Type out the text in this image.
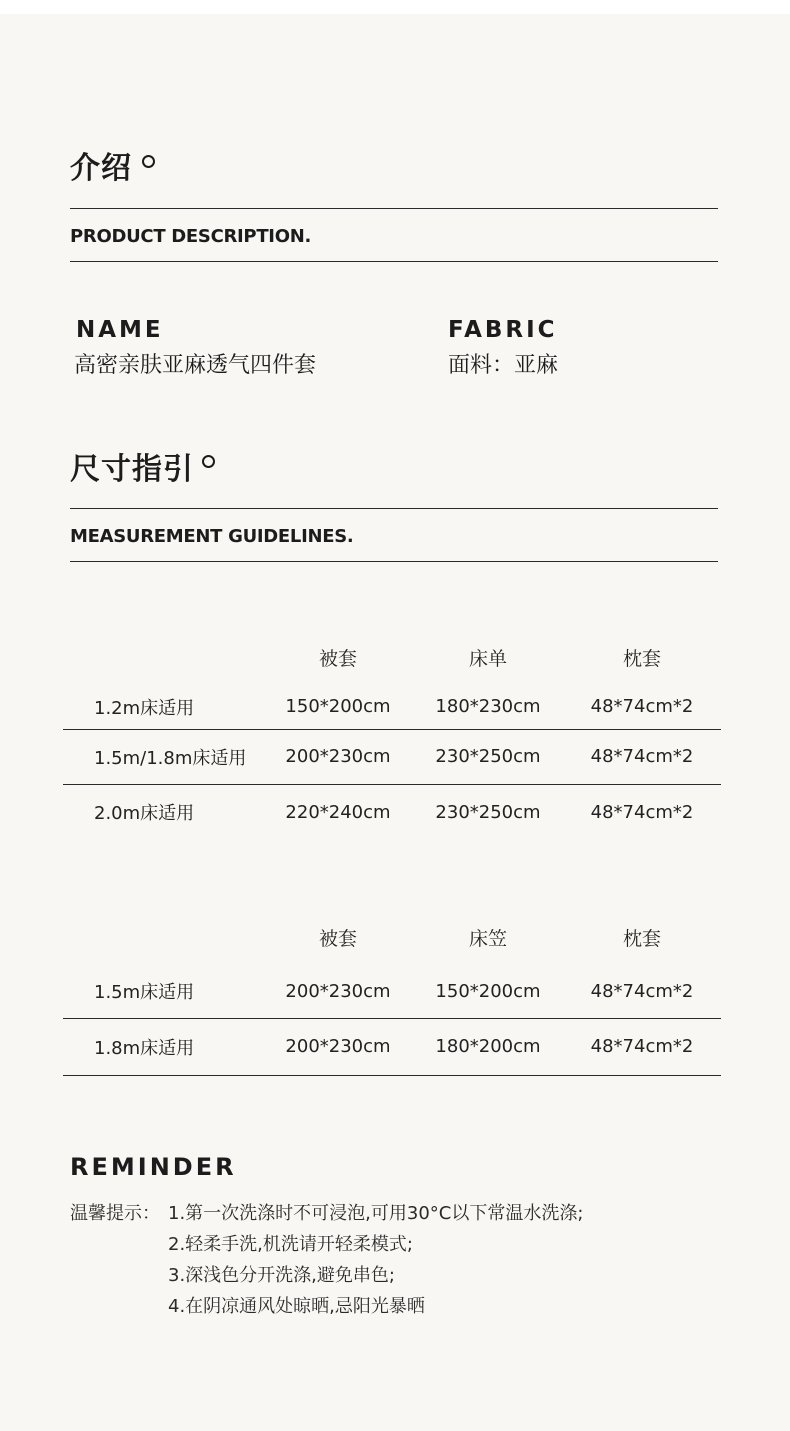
介绍
PRODUCT DESCRIPTION.
NAME
高密亲肤亚麻透气四件套
FABRIC
面料：亚麻
尺寸指引
MEASUREMENT GUIDELINES.
	被套	床单	枕套
1.2m床适用	150*200cm	180*230cm	48*74cm*2
1.5m/1.8m床适用	200*230cm	230*250cm	48*74cm*2
2.0m床适用	220*240cm	230*250cm	48*74cm*2
	被套	床笠	枕套
1.5m床适用	200*230cm	150*200cm	48*74cm*2
1.8m床适用	200*230cm	180*200cm	48*74cm*2
REMINDER
温馨提示： 1.第一次洗涤时不可浸泡,可用30°C以下常温水洗涤;
2.轻柔手洗,机洗请开轻柔模式;
3.深浅色分开洗涤,避免串色;
4.在阴凉通风处晾晒,忌阳光暴晒
